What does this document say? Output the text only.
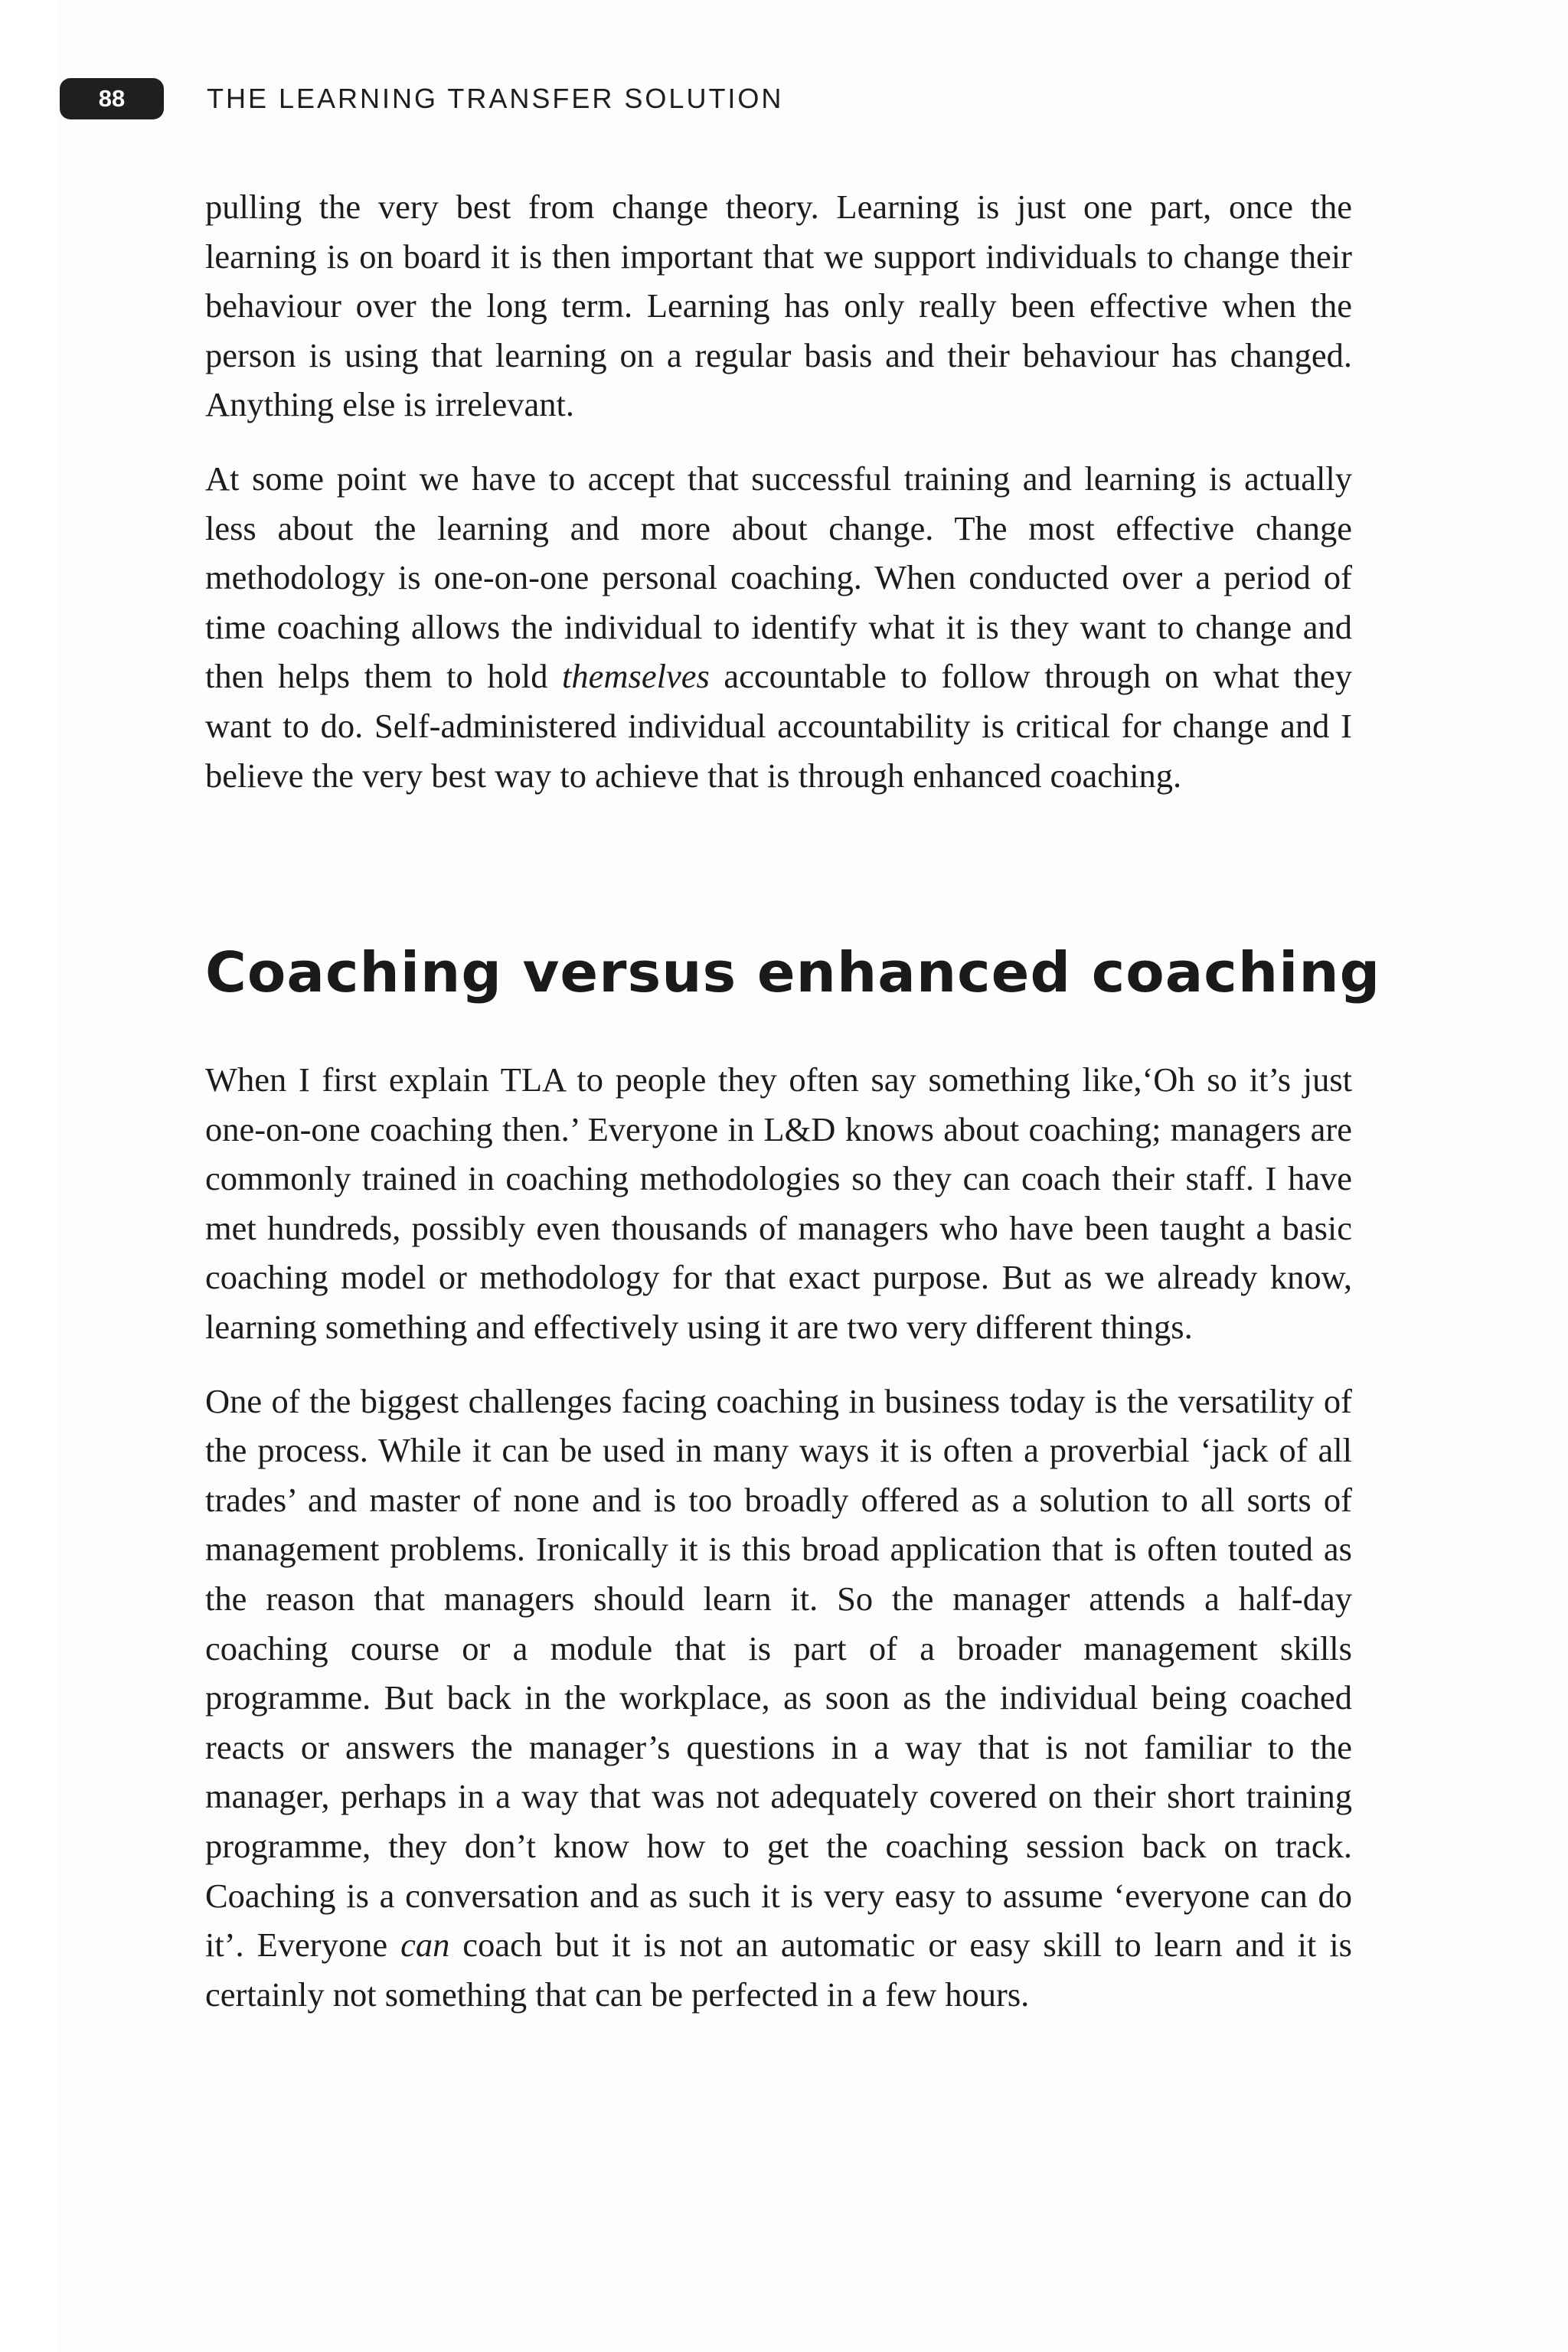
88	THE LEARNING TRANSFER SOLUTION

pulling the very best from change theory. Learning is just one part, once the learning is on board it is then important that we support individuals to change their behaviour over the long term. Learning has only really been effective when the person is using that learning on a regular basis and their behaviour has changed. Anything else is irrelevant.

At some point we have to accept that successful training and learning is actually less about the learning and more about change. The most effective change methodology is one-on-one personal coaching. When conducted over a period of time coaching allows the individual to identify what it is they want to change and then helps them to hold themselves accountable to follow through on what they want to do. Self-administered individual accountability is critical for change and I believe the very best way to achieve that is through enhanced coaching.

Coaching versus enhanced coaching

When I first explain TLA to people they often say something like,‘Oh so it’s just one-on-one coaching then.’ Everyone in L&D knows about coaching; managers are commonly trained in coaching methodologies so they can coach their staff. I have met hundreds, possibly even thousands of managers who have been taught a basic coaching model or methodology for that exact purpose. But as we already know, learning something and effectively using it are two very different things.

One of the biggest challenges facing coaching in business today is the versatility of the process. While it can be used in many ways it is often a proverbial ‘jack of all trades’ and master of none and is too broadly offered as a solution to all sorts of management problems. Ironically it is this broad application that is often touted as the reason that managers should learn it. So the manager attends a half-day coaching course or a module that is part of a broader management skills programme. But back in the workplace, as soon as the individual being coached reacts or answers the manager’s questions in a way that is not familiar to the manager, perhaps in a way that was not adequately covered on their short training programme, they don’t know how to get the coaching session back on track. Coaching is a conversation and as such it is very easy to assume ‘everyone can do it’. Everyone can coach but it is not an automatic or easy skill to learn and it is certainly not something that can be perfected in a few hours.
